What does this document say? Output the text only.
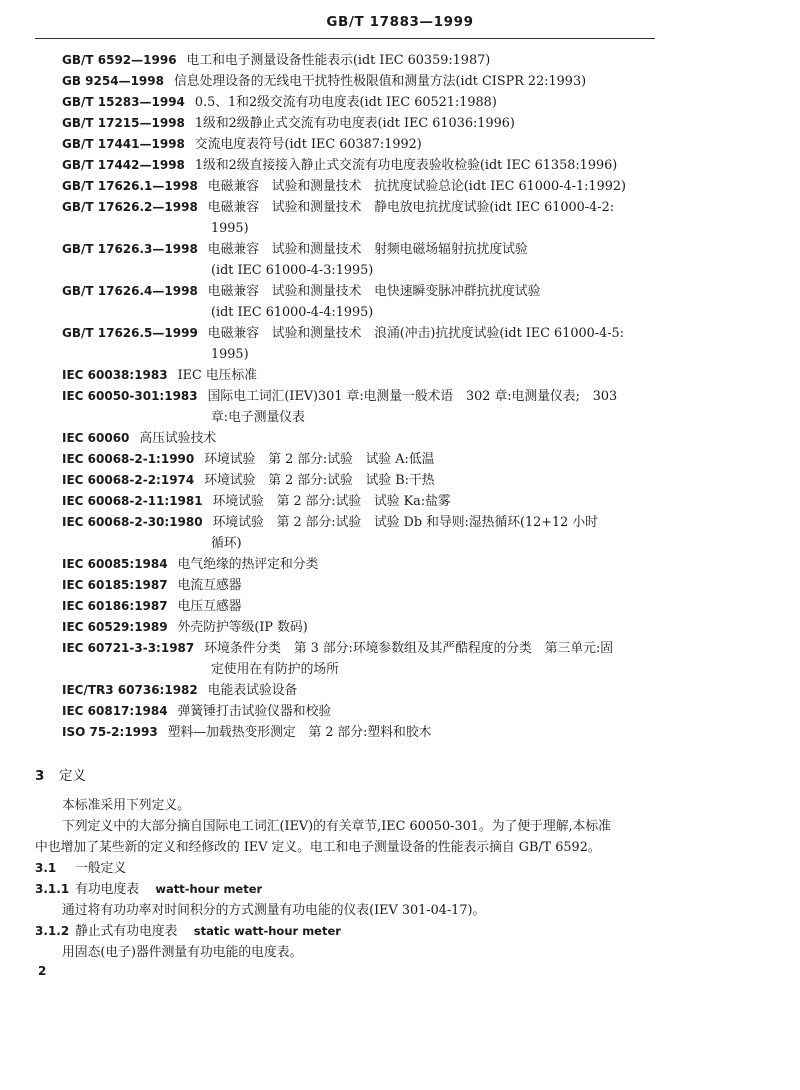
GB/T 17883—1999
GB/T 6592—1996 电工和电子测量设备性能表示(idt IEC 60359:1987)
GB 9254—1998 信息处理设备的无线电干扰特性极限值和测量方法(idt CISPR 22:1993)
GB/T 15283—1994 0.5、1和2级交流有功电度表(idt IEC 60521:1988)
GB/T 17215—1998 1级和2级静止式交流有功电度表(idt IEC 61036:1996)
GB/T 17441—1998 交流电度表符号(idt IEC 60387:1992)
GB/T 17442—1998 1级和2级直接接入静止式交流有功电度表验收检验(idt IEC 61358:1996)
GB/T 17626.1—1998 电磁兼容　试验和测量技术　抗扰度试验总论(idt IEC 61000-4-1:1992)
GB/T 17626.2—1998 电磁兼容　试验和测量技术　静电放电抗扰度试验(idt IEC 61000-4-2:
1995)
GB/T 17626.3—1998 电磁兼容　试验和测量技术　射频电磁场辐射抗扰度试验
(idt IEC 61000-4-3:1995)
GB/T 17626.4—1998 电磁兼容　试验和测量技术　电快速瞬变脉冲群抗扰度试验
(idt IEC 61000-4-4:1995)
GB/T 17626.5—1999 电磁兼容　试验和测量技术　浪涌(冲击)抗扰度试验(idt IEC 61000-4-5:
1995)
IEC 60038:1983 IEC 电压标准
IEC 60050-301:1983 国际电工词汇(IEV)301 章:电测量一般术语　302 章:电测量仪表;　303
章:电子测量仪表
IEC 60060 高压试验技术
IEC 60068-2-1:1990 环境试验　第 2 部分:试验　试验 A:低温
IEC 60068-2-2:1974 环境试验　第 2 部分:试验　试验 B:干热
IEC 60068-2-11:1981 环境试验　第 2 部分:试验　试验 Ka:盐雾
IEC 60068-2-30:1980 环境试验　第 2 部分:试验　试验 Db 和导则:湿热循环(12+12 小时
循环)
IEC 60085:1984 电气绝缘的热评定和分类
IEC 60185:1987 电流互感器
IEC 60186:1987 电压互感器
IEC 60529:1989 外壳防护等级(IP 数码)
IEC 60721-3-3:1987 环境条件分类　第 3 部分:环境参数组及其严酷程度的分类　第三单元:固
定使用在有防护的场所
IEC/TR3 60736:1982 电能表试验设备
IEC 60817:1984 弹簧锤打击试验仪器和校验
ISO 75-2:1993 塑料—加载热变形测定　第 2 部分:塑料和胶木
3 定义
本标准采用下列定义。
下列定义中的大部分摘自国际电工词汇(IEV)的有关章节,IEC 60050-301。为了便于理解,本标准
中也增加了某些新的定义和经修改的 IEV 定义。电工和电子测量设备的性能表示摘自 GB/T 6592。
3.1 一般定义
3.1.1 有功电度表 watt-hour meter
通过将有功功率对时间积分的方式测量有功电能的仪表(IEV 301-04-17)。
3.1.2 静止式有功电度表 static watt-hour meter
用固态(电子)器件测量有功电能的电度表。
2
